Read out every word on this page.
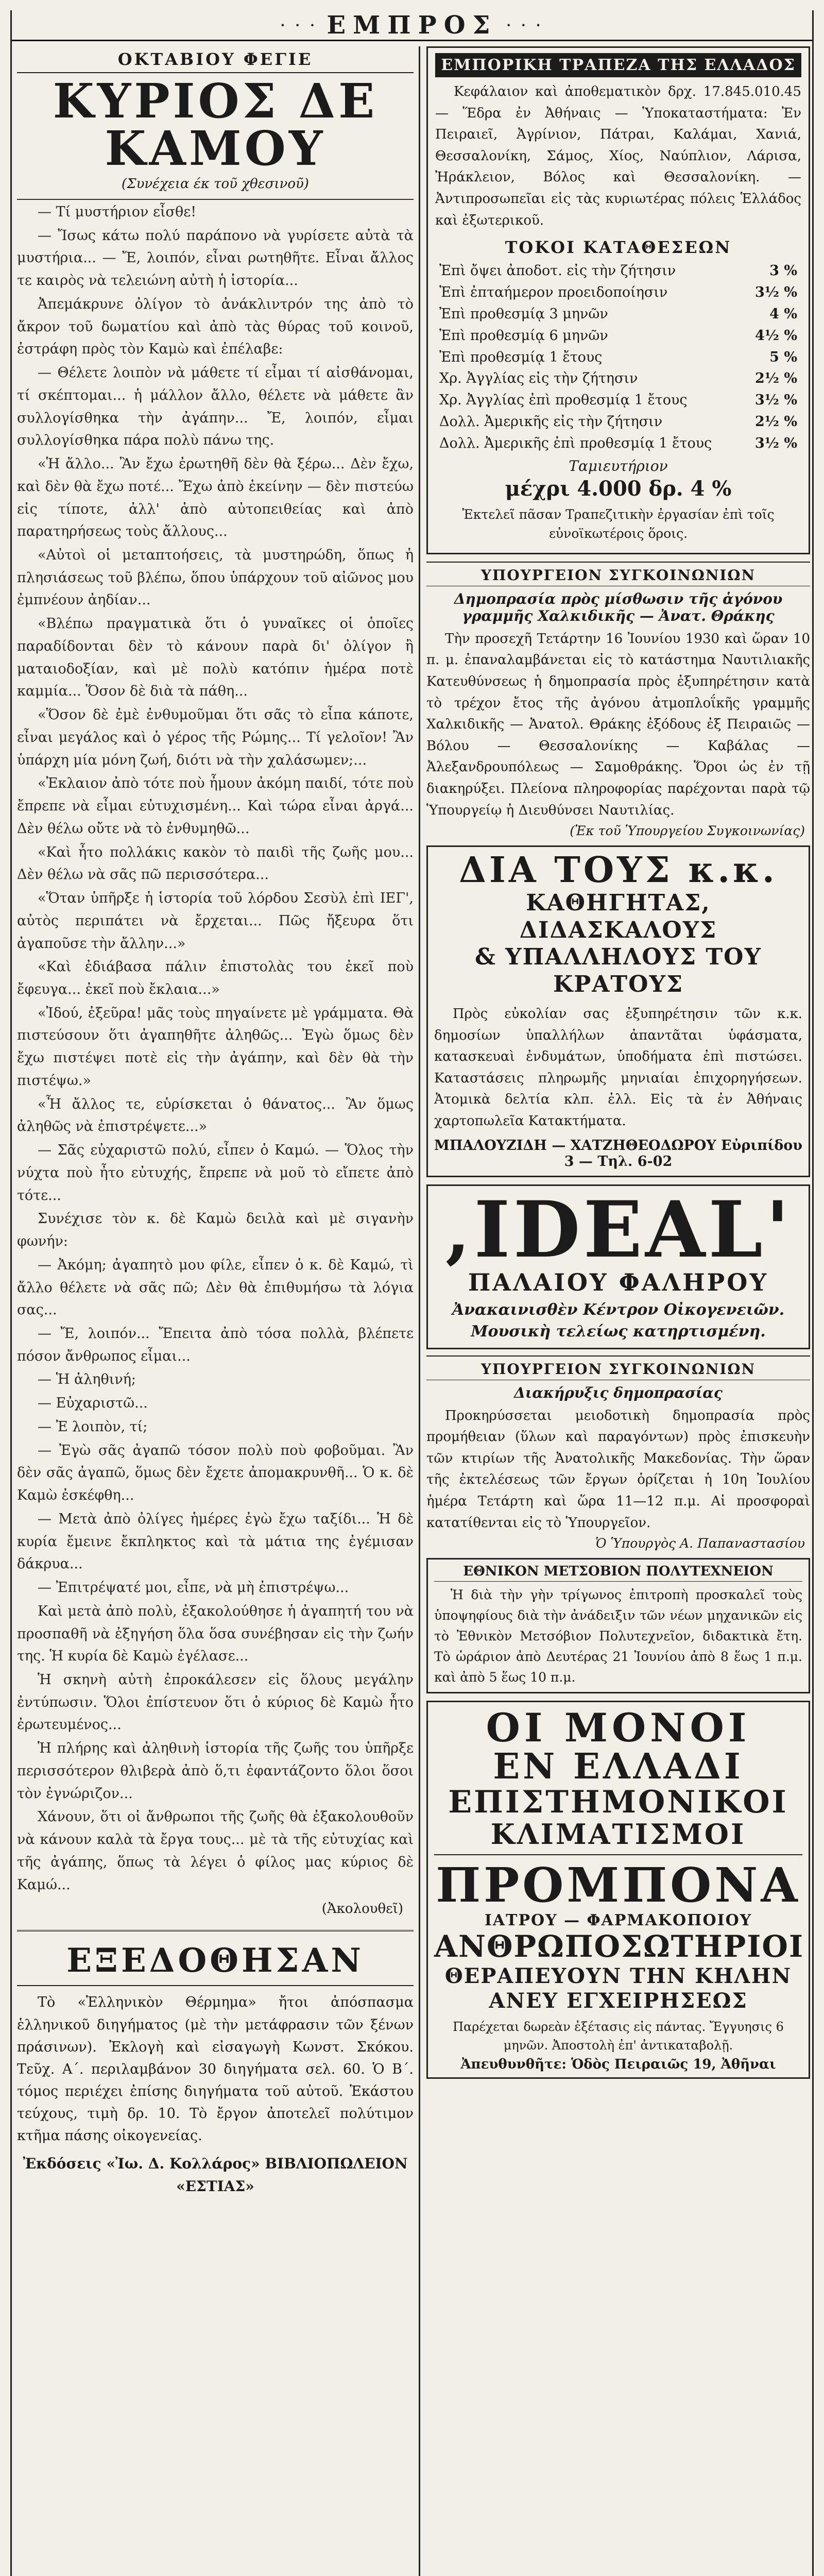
· · · ΕΜΠΡΟΣ · · ·
ΟΚΤΑΒΙΟΥ ΦΕΓΙΕ
ΚΥΡΙΟΣ ΔΕ ΚΑΜΟΥ
(Συνέχεια έκ τοῦ χθεσινοῦ)

— Τί μυστήριον εἶσθε!

— Ἴσως κάτω πολύ παράπονο νὰ γυρίσετε αὐτὰ τὰ μυστήρια... — Ἔ, λοιπόν, εἶναι ρωτηθῆτε. Εἶναι ἄλλος τε καιρὸς νὰ τελειώνη αὐτὴ ἡ ἱστορία...

Ἀπεμάκρυνε ὀλίγον τὸ ἀνάκλιντρόν της ἀπὸ τὸ ἄκρον τοῦ δωματίου καὶ ἀπὸ τὰς θύρας τοῦ κοινοῦ, ἐστράφη πρὸς τὸν Καμὼ καὶ ἐπέλαβε:

— Θέλετε λοιπὸν νὰ μάθετε τί εἶμαι τί αἰσθάνομαι, τί σκέπτομαι... ἡ μάλλον ἄλλο, θέλετε νὰ μάθετε ἂν συλλογίσθηκα τὴν ἀγάπην... Ἔ, λοιπόν, εἶμαι συλλογίσθηκα πάρα πολὺ πάνω της.

«Ἡ ἄλλο... Ἂν ἔχω ἐρωτηθῆ δὲν θὰ ξέρω... Δὲν ἔχω, καὶ δὲν θὰ ἔχω ποτέ... Ἔχω ἀπὸ ἐκείνην — δὲν πιστεύω εἰς τίποτε, ἀλλ' ἀπὸ αὐτοπειθείας καὶ ἀπὸ παρατηρήσεως τοὺς ἄλλους...

«Αὐτοὶ οἱ μεταπτοήσεις, τὰ μυστηρώδη, ὅπως ἡ πλησιάσεως τοῦ βλέπω, ὅπου ὑπάρχουν τοῦ αἰῶνος μου ἐμπνέουν ἀηδίαν...

«Βλέπω πραγματικὰ ὅτι ὁ γυναῖκες οἱ ὁποῖες παραδίδονται δὲν τὸ κάνουν παρὰ δι' ὀλίγον ἢ ματαιοδοξίαν, καὶ μὲ πολὺ κατόπιν ἡμέρα ποτὲ καμμία... Ὅσον δὲ διὰ τὰ πάθη...

«Ὅσον δὲ ἐμὲ ἐνθυμοῦμαι ὅτι σᾶς τὸ εἶπα κάποτε, εἶναι μεγάλος καὶ ὁ γέρος τῆς Ρώμης... Τί γελοῖον! Ἂν ὑπάρχη μία μόνη ζωή, διότι νὰ τὴν χαλάσωμεν;...

«Ἐκλαιον ἀπὸ τότε ποὺ ἦμουν ἀκόμη παιδί, τότε ποὺ ἔπρεπε νὰ εἶμαι εὐτυχισμένη... Καὶ τώρα εἶναι ἀργά... Δὲν θέλω οὔτε νὰ τὸ ἐνθυμηθῶ...

«Καὶ ἦτο πολλάκις κακὸν τὸ παιδὶ τῆς ζωῆς μου... Δὲν θέλω νὰ σᾶς πῶ περισσότερα...

«Ὅταν ὑπῆρξε ἡ ἱστορία τοῦ λόρδου Σεσὺλ ἐπὶ ΙΕΓ', αὐτὸς περιπάτει νὰ ἔρχεται... Πῶς ἤξευρα ὅτι ἀγαποῦσε τὴν ἄλλην...»

«Καὶ ἐδιάβασα πάλιν ἐπιστολὰς του ἐκεῖ ποὺ ἔφευγα... ἐκεῖ ποὺ ἔκλαια...»

«Ἰδού, ἐξεῦρα! μᾶς τοὺς πηγαίνετε μὲ γράμματα. Θὰ πιστεύσουν ὅτι ἀγαπηθῆτε ἀληθῶς... Ἐγὼ ὅμως δὲν ἔχω πιστέψει ποτὲ εἰς τὴν ἀγάπην, καὶ δὲν θὰ τὴν πιστέψω.»

«Ἦ ἄλλος τε, εὑρίσκεται ὁ θάνατος... Ἂν ὅμως ἀληθῶς νὰ ἐπιστρέψετε...»

— Σᾶς εὐχαριστῶ πολύ, εἶπεν ὁ Καμώ. — Ὅλος τὴν νύχτα ποὺ ἦτο εὐτυχής, ἔπρεπε νὰ μοῦ τὸ εἴπετε ἀπὸ τότε...

Συνέχισε τὸν κ. δὲ Καμὼ δειλὰ καὶ μὲ σιγανὴν φωνήν:

— Ἀκόμη; ἀγαπητὸ μου φίλε, εἶπεν ὁ κ. δὲ Καμώ, τὶ ἄλλο θέλετε νὰ σᾶς πῶ; Δὲν θὰ ἐπιθυμήσω τὰ λόγια σας...

— Ἔ, λοιπόν... Ἔπειτα ἀπὸ τόσα πολλὰ, βλέπετε πόσον ἄνθρωπος εἶμαι...

— Ἡ ἀληθινή;

— Εὐχαριστῶ...

— Ἐ λοιπὸν, τί;

— Ἐγὼ σᾶς ἀγαπῶ τόσον πολὺ ποὺ φοβοῦμαι. Ἂν δὲν σᾶς ἀγαπῶ, ὅμως δὲν ἔχετε ἀπομακρυνθῆ... Ὁ κ. δὲ Καμὼ ἐσκέφθη...

— Μετὰ ἀπὸ ὀλίγες ἡμέρες ἐγὼ ἔχω ταξίδι... Ἡ δὲ κυρία ἔμεινε ἔκπληκτος καὶ τὰ μάτια της ἐγέμισαν δάκρυα...

— Ἐπιτρέψατέ μοι, εἶπε, νὰ μὴ ἐπιστρέψω...

Καὶ μετὰ ἀπὸ πολὺ, ἐξακολούθησε ἡ ἀγαπητή του νὰ προσπαθῆ νὰ ἐξηγήση ὅλα ὅσα συνέβησαν εἰς τὴν ζωήν της. Ἡ κυρία δὲ Καμὼ ἐγέλασε...

Ἡ σκηνὴ αὐτὴ ἐπροκάλεσεν εἰς ὅλους μεγάλην ἐντύπωσιν. Ὅλοι ἐπίστευον ὅτι ὁ κύριος δὲ Καμὼ ἦτο ἐρωτευμένος...

Ἡ πλήρης καὶ ἀληθινὴ ἱστορία τῆς ζωῆς του ὑπῆρξε περισσότερον θλιβερὰ ἀπὸ ὅ,τι ἐφαντάζοντο ὅλοι ὅσοι τὸν ἐγνώριζον...

Χάνουν, ὅτι οἱ ἄνθρωποι τῆς ζωῆς θὰ ἐξακολουθοῦν νὰ κάνουν καλὰ τὰ ἔργα τους... μὲ τὰ τῆς εὐτυχίας καὶ τῆς ἀγάπης, ὅπως τὰ λέγει ὁ φίλος μας κύριος δὲ Καμώ...

(Ἀκολουθεῖ)
ΕΞΕΔΟΘΗΣΑΝ
Τὸ «Ἑλληνικὸν Θέρμημα» ἤτοι ἀπόσπασμα ἑλληνικοῦ διηγήματος (μὲ τὴν μετάφρασιν τῶν ξένων πράσινων). Ἐκλογὴ καὶ εἰσαγωγὴ Κωνστ. Σκόκου. Τεῦχ. Α΄. περιλαμβάνον 30 διηγήματα σελ. 60. Ὁ Β΄. τόμος περιέχει ἐπίσης διηγήματα τοῦ αὐτοῦ. Ἑκάστου τεύχους, τιμὴ δρ. 10. Τὸ ἔργον ἀποτελεῖ πολύτιμον κτῆμα πάσης οἰκογενείας.
Ἐκδόσεις «Ἰω. Δ. Κολλάρος» ΒΙΒΛΙΟΠΩΛΕΙΟΝ «ΕΣΤΙΑΣ»
ΕΜΠΟΡΙΚΗ ΤΡΑΠΕΖΑ ΤΗΣ ΕΛΛΑΔΟΣ
Κεφάλαιον καὶ ἀποθεματικὸν δρχ. 17.845.010.45 — Ἕδρα ἐν Ἀθήναις — Ὑποκαταστήματα: Ἐν Πειραιεῖ, Ἀγρίνιον, Πάτραι, Καλάμαι, Χανιά, Θεσσαλονίκη, Σάμος, Χίος, Ναύπλιον, Λάρισα, Ἠράκλειον, Βόλος καὶ Θεσσαλονίκη. — Ἀντιπροσωπεῖαι εἰς τὰς κυριωτέρας πόλεις Ἑλλάδος καὶ ἐξωτερικοῦ.
ΤΟΚΟΙ ΚΑΤΑΘΕΣΕΩΝ
Ἐπὶ ὄψει ἀποδοτ. εἰς τὴν ζήτησιν	3 %
Ἐπὶ ἐπταήμερον προειδοποίησιν	3½ %
Ἐπὶ προθεσμίᾳ 3 μηνῶν	4 %
Ἐπὶ προθεσμίᾳ 6 μηνῶν	4½ %
Ἐπὶ προθεσμίᾳ 1 ἔτους	5 %
Χρ. Ἀγγλίας εἰς τὴν ζήτησιν	2½ %
Χρ. Ἀγγλίας ἐπὶ προθεσμίᾳ 1 ἔτους	3½ %
Δολλ. Ἀμερικῆς εἰς τὴν ζήτησιν	2½ %
Δολλ. Ἀμερικῆς ἐπὶ προθεσμίᾳ 1 ἔτους	3½ %
Ταμιευτήριον
μέχρι 4.000 δρ. 4 %
Ἐκτελεῖ πᾶσαν Τραπεζιτικὴν ἐργασίαν ἐπὶ τοῖς εὐνοϊκωτέροις ὅροις.
ΥΠΟΥΡΓΕΙΟΝ ΣΥΓΚΟΙΝΩΝΙΩΝ
Δημοπρασία πρὸς μίσθωσιν τῆς ἁγόνου γραμμῆς Χαλκιδικῆς — Ἀνατ. Θράκης
Τὴν προσεχῆ Τετάρτην 16 Ἰουνίου 1930 καὶ ὥραν 10 π. μ. ἐπαναλαμβάνεται εἰς τὸ κατάστημα Ναυτιλιακῆς Κατευθύνσεως ἡ δημοπρασία πρὸς ἐξυπηρέτησιν κατὰ τὸ τρέχον ἔτος τῆς ἀγόνου ἀτμοπλοΐκῆς γραμμῆς Χαλκιδικῆς — Ἀνατολ. Θράκης ἐξόδους ἐξ Πειραιῶς — Βόλου — Θεσσαλονίκης — Καβάλας — Ἀλεξανδρουπόλεως — Σαμοθράκης. Ὅροι ὡς ἐν τῇ διακηρύξει. Πλείονα πληροφορίας παρέχονται παρὰ τῷ Ὑπουργείῳ ἡ Διευθύνσει Ναυτιλίας.
(Ἐκ τοῦ Ὑπουργείου Συγκοινωνίας)
ΔΙΑ ΤΟΥΣ κ.κ.
ΚΑΘΗΓΗΤΑΣ, ΔΙΔΑΣΚΑΛΟΥΣ
& ΥΠΑΛΛΗΛΟΥΣ ΤΟΥ ΚΡΑΤΟΥΣ
Πρὸς εὐκολίαν σας ἐξυπηρέτησιν τῶν κ.κ. δημοσίων ὑπαλλήλων ἀπαντᾶται ὑφάσματα, κατασκευαὶ ἐνδυμάτων, ὑποδήματα ἐπὶ πιστώσει. Καταστάσεις πληρωμῆς μηνιαίαι ἐπιχορηγήσεων. Ἀτομικὰ δελτία κλπ. ἐλλ. Εἰς τὰ ἐν Ἀθήναις χαρτοπωλεῖα Κατακτήματα.
ΜΠΑΛΟΥΖΙΔΗ — ΧΑΤΖΗΘΕΟΔΩΡΟΥ Εὐριπίδου 3 — Τηλ. 6-02
‚IDEAL'
ΠΑΛΑΙΟΥ ΦΑΛΗΡΟΥ
Ἀνακαινισθὲν Κέντρον Οἰκογενειῶν. Μουσικὴ τελείως κατηρτισμένη.
ΥΠΟΥΡΓΕΙΟΝ ΣΥΓΚΟΙΝΩΝΙΩΝ
Διακήρυξις δημοπρασίας
Προκηρύσσεται μειοδοτικὴ δημοπρασία πρὸς προμήθειαν (ὕλων καὶ παραγόντων) πρὸς ἐπισκευὴν τῶν κτιρίων τῆς Ἀνατολικῆς Μακεδονίας. Τὴν ὥραν τῆς ἐκτελέσεως τῶν ἔργων ὁρίζεται ἡ 10η Ἰουλίου ἡμέρα Τετάρτη καὶ ὥρα 11—12 π.μ. Αἱ προσφοραὶ κατατίθενται εἰς τὸ Ὑπουργεῖον.
Ὁ Ὑπουργὸς Α. Παπαναστασίου
ΕΘΝΙΚΟΝ ΜΕΤΣΟΒΙΟΝ ΠΟΛΥΤΕΧΝΕΙΟΝ
Ἡ διὰ τὴν γὴν τρίγωνος ἐπιτροπὴ προσκαλεῖ τοὺς ὑποψηφίους διὰ τὴν ἀνάδειξιν τῶν νέων μηχανικῶν εἰς τὸ Ἐθνικὸν Μετσόβιον Πολυτεχνεῖον, διδακτικὰ ἔτη. Τὸ ὡράριον ἀπὸ Δευτέρας 21 Ἰουνίου ἀπὸ 8 ἕως 1 π.μ. καὶ ἀπὸ 5 ἕως 10 π.μ.
ΟΙ ΜΟΝΟΙ
ΕΝ ΕΛΛΑΔΙ
ΕΠΙΣΤΗΜΟΝΙΚΟΙ
ΚΛΙΜΑΤΙΣΜΟΙ
ΠΡΟΜΠΟΝΑ
ΙΑΤΡΟΥ — ΦΑΡΜΑΚΟΠΟΙΟΥ
ΑΝΘΡΩΠΟΣΩΤΗΡΙΟΙ
ΘΕΡΑΠΕΥΟΥΝ ΤΗΝ ΚΗΛΗΝ
ΑΝΕΥ ΕΓΧΕΙΡΗΣΕΩΣ
Παρέχεται δωρεὰν ἐξέτασις εἰς πάντας. Ἔγγυησις 6 μηνῶν. Ἀποστολὴ ἐπ' ἀντικαταβολῇ.
Ἀπευθυνθῆτε: Ὁδὸς Πειραιῶς 19, Ἀθῆναι
